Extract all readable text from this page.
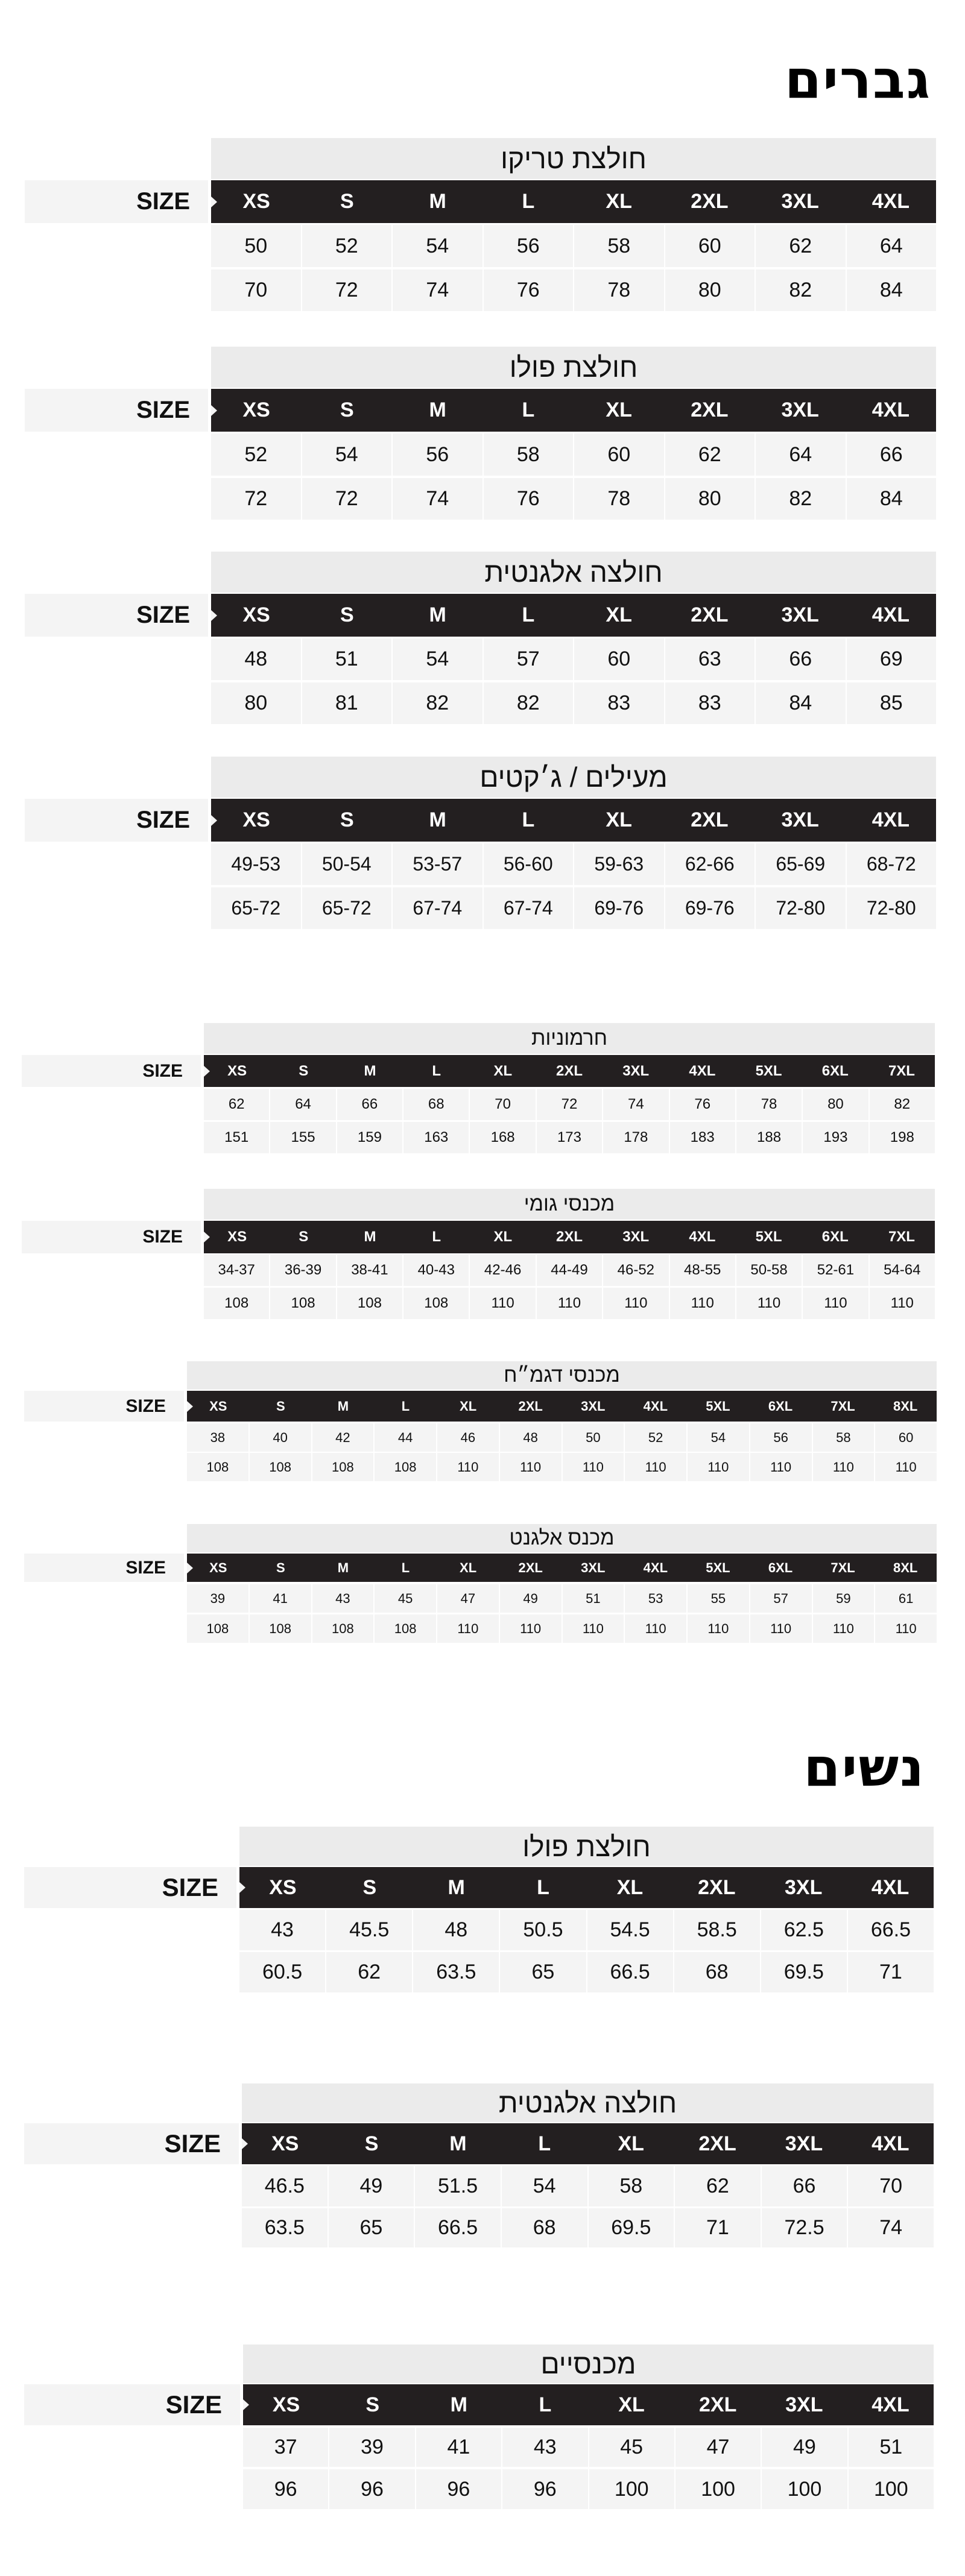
גברים
נשים
חולצת טריקו
SIZE	XS	S	M	L	XL	2XL	3XL	4XL
50	52	54	56	58	60	62	64
70	72	74	76	78	80	82	84
חולצת פולו
SIZE	XS	S	M	L	XL	2XL	3XL	4XL
52	54	56	58	60	62	64	66
72	72	74	76	78	80	82	84
חולצה אלגנטית
SIZE	XS	S	M	L	XL	2XL	3XL	4XL
48	51	54	57	60	63	66	69
80	81	82	82	83	83	84	85
מעילים / ג׳קטים
SIZE	XS	S	M	L	XL	2XL	3XL	4XL
49-53	50-54	53-57	56-60	59-63	62-66	65-69	68-72
65-72	65-72	67-74	67-74	69-76	69-76	72-80	72-80
חרמוניות
SIZE	XS	S	M	L	XL	2XL	3XL	4XL	5XL	6XL	7XL
62	64	66	68	70	72	74	76	78	80	82
151	155	159	163	168	173	178	183	188	193	198
מכנסי גומי
SIZE	XS	S	M	L	XL	2XL	3XL	4XL	5XL	6XL	7XL
34-37	36-39	38-41	40-43	42-46	44-49	46-52	48-55	50-58	52-61	54-64
108	108	108	108	110	110	110	110	110	110	110
מכנסי דגמ״ח
SIZE	XS	S	M	L	XL	2XL	3XL	4XL	5XL	6XL	7XL	8XL
38	40	42	44	46	48	50	52	54	56	58	60
108	108	108	108	110	110	110	110	110	110	110	110
מכנס אלגנט
SIZE	XS	S	M	L	XL	2XL	3XL	4XL	5XL	6XL	7XL	8XL
39	41	43	45	47	49	51	53	55	57	59	61
108	108	108	108	110	110	110	110	110	110	110	110
חולצת פולו
SIZE	XS	S	M	L	XL	2XL	3XL	4XL
43	45.5	48	50.5	54.5	58.5	62.5	66.5
60.5	62	63.5	65	66.5	68	69.5	71
חולצה אלגנטית
SIZE	XS	S	M	L	XL	2XL	3XL	4XL
46.5	49	51.5	54	58	62	66	70
63.5	65	66.5	68	69.5	71	72.5	74
מכנסיים
SIZE	XS	S	M	L	XL	2XL	3XL	4XL
37	39	41	43	45	47	49	51
96	96	96	96	100	100	100	100
